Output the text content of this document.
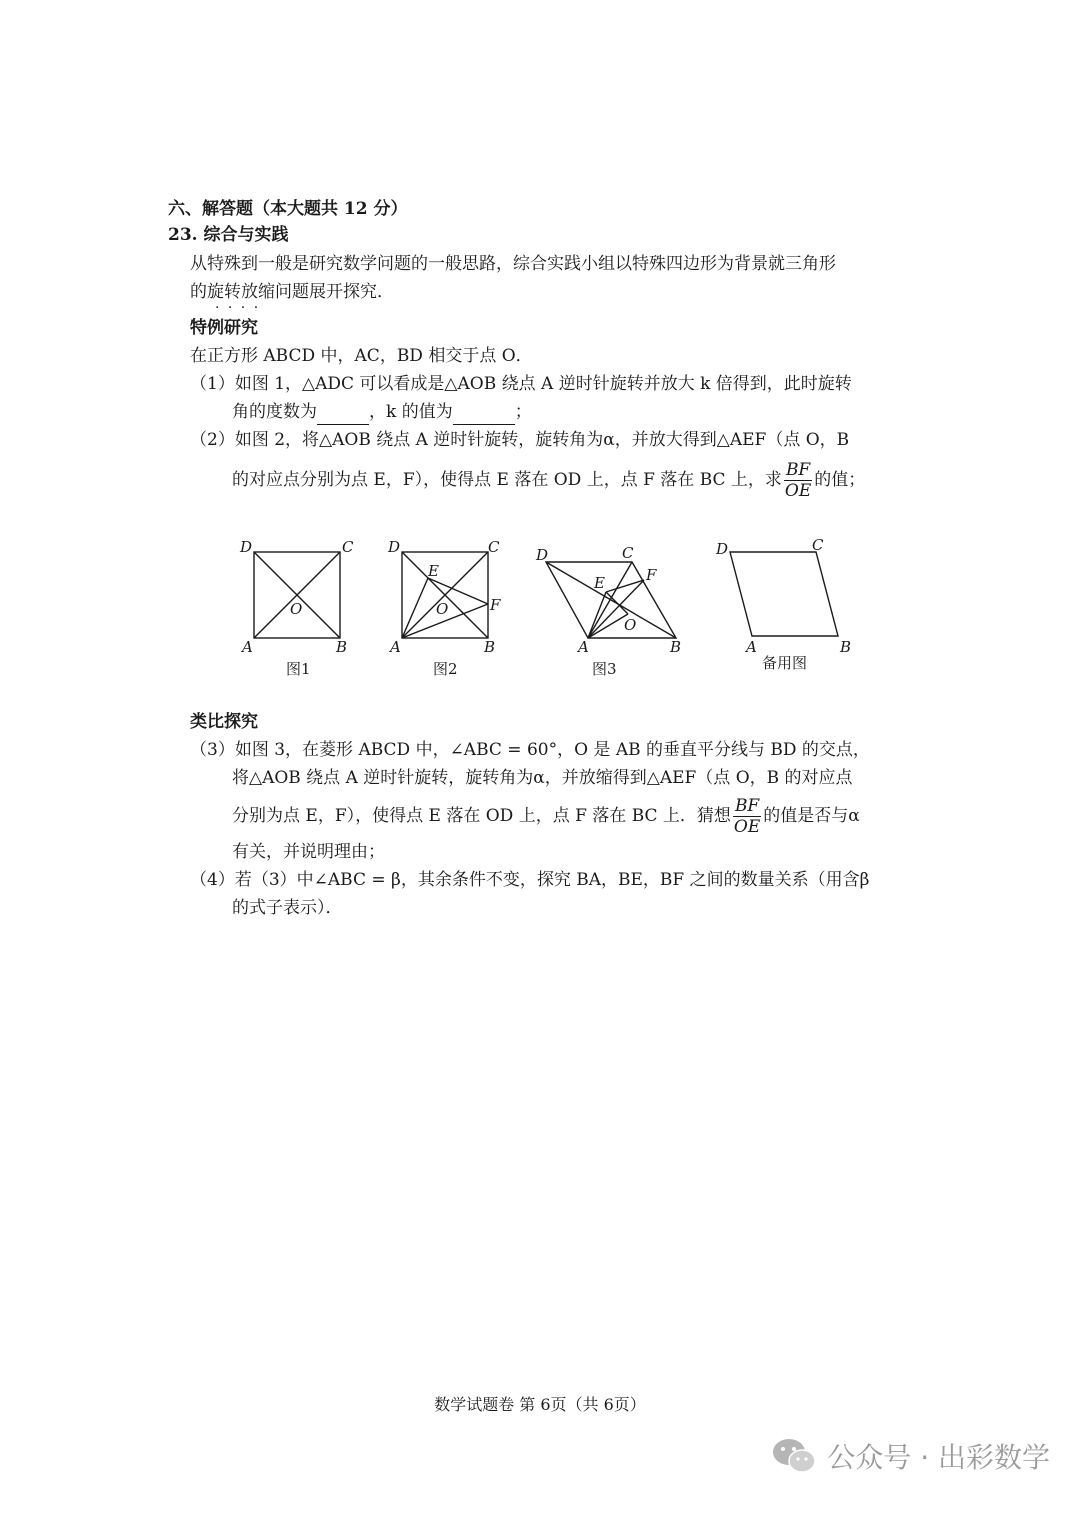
六、解答题（本大题共 12 分）
23. 综合与实践
从特殊到一般是研究数学问题的一般思路，综合实践小组以特殊四边形为背景就三角形
的旋转放缩 · · · ·问题展开探究．
特例研究
在正方形 ABCD 中，AC，BD 相交于点 O．
（1）如图 1，△ADC 可以看成是△AOB 绕点 A 逆时针旋转并放大 k 倍得到，此时旋转
角的度数为	，k 的值为	；
（2）如图 2，将△AOB 绕点 A 逆时针旋转，旋转角为α，并放大得到△AEF（点 O，B
的对应点分别为点 E，F），使得点 E 落在 OD 上，点 F 落在 BC 上，求 $\frac{BF}{OE}$ 的值；
D	C
A	B
O
图1
D	C
A	B
E
O	F
图2
D	C
A	B
E	F
O
图3
D	C
A	B
备用图
类比探究
（3）如图 3，在菱形 ABCD 中，∠ABC = 60°，O 是 AB 的垂直平分线与 BD 的交点，
将△AOB 绕点 A 逆时针旋转，旋转角为α，并放缩得到△AEF（点 O，B 的对应点
分别为点 E，F），使得点 E 落在 OD 上，点 F 落在 BC 上．猜想 $\frac{BF}{OE}$ 的值是否与α
有关，并说明理由；
（4）若（3）中∠ABC = β，其余条件不变，探究 BA，BE，BF 之间的数量关系（用含β
的式子表示）．
数学试题卷 第 6页（共 6页）
公众号 · 出彩数学
